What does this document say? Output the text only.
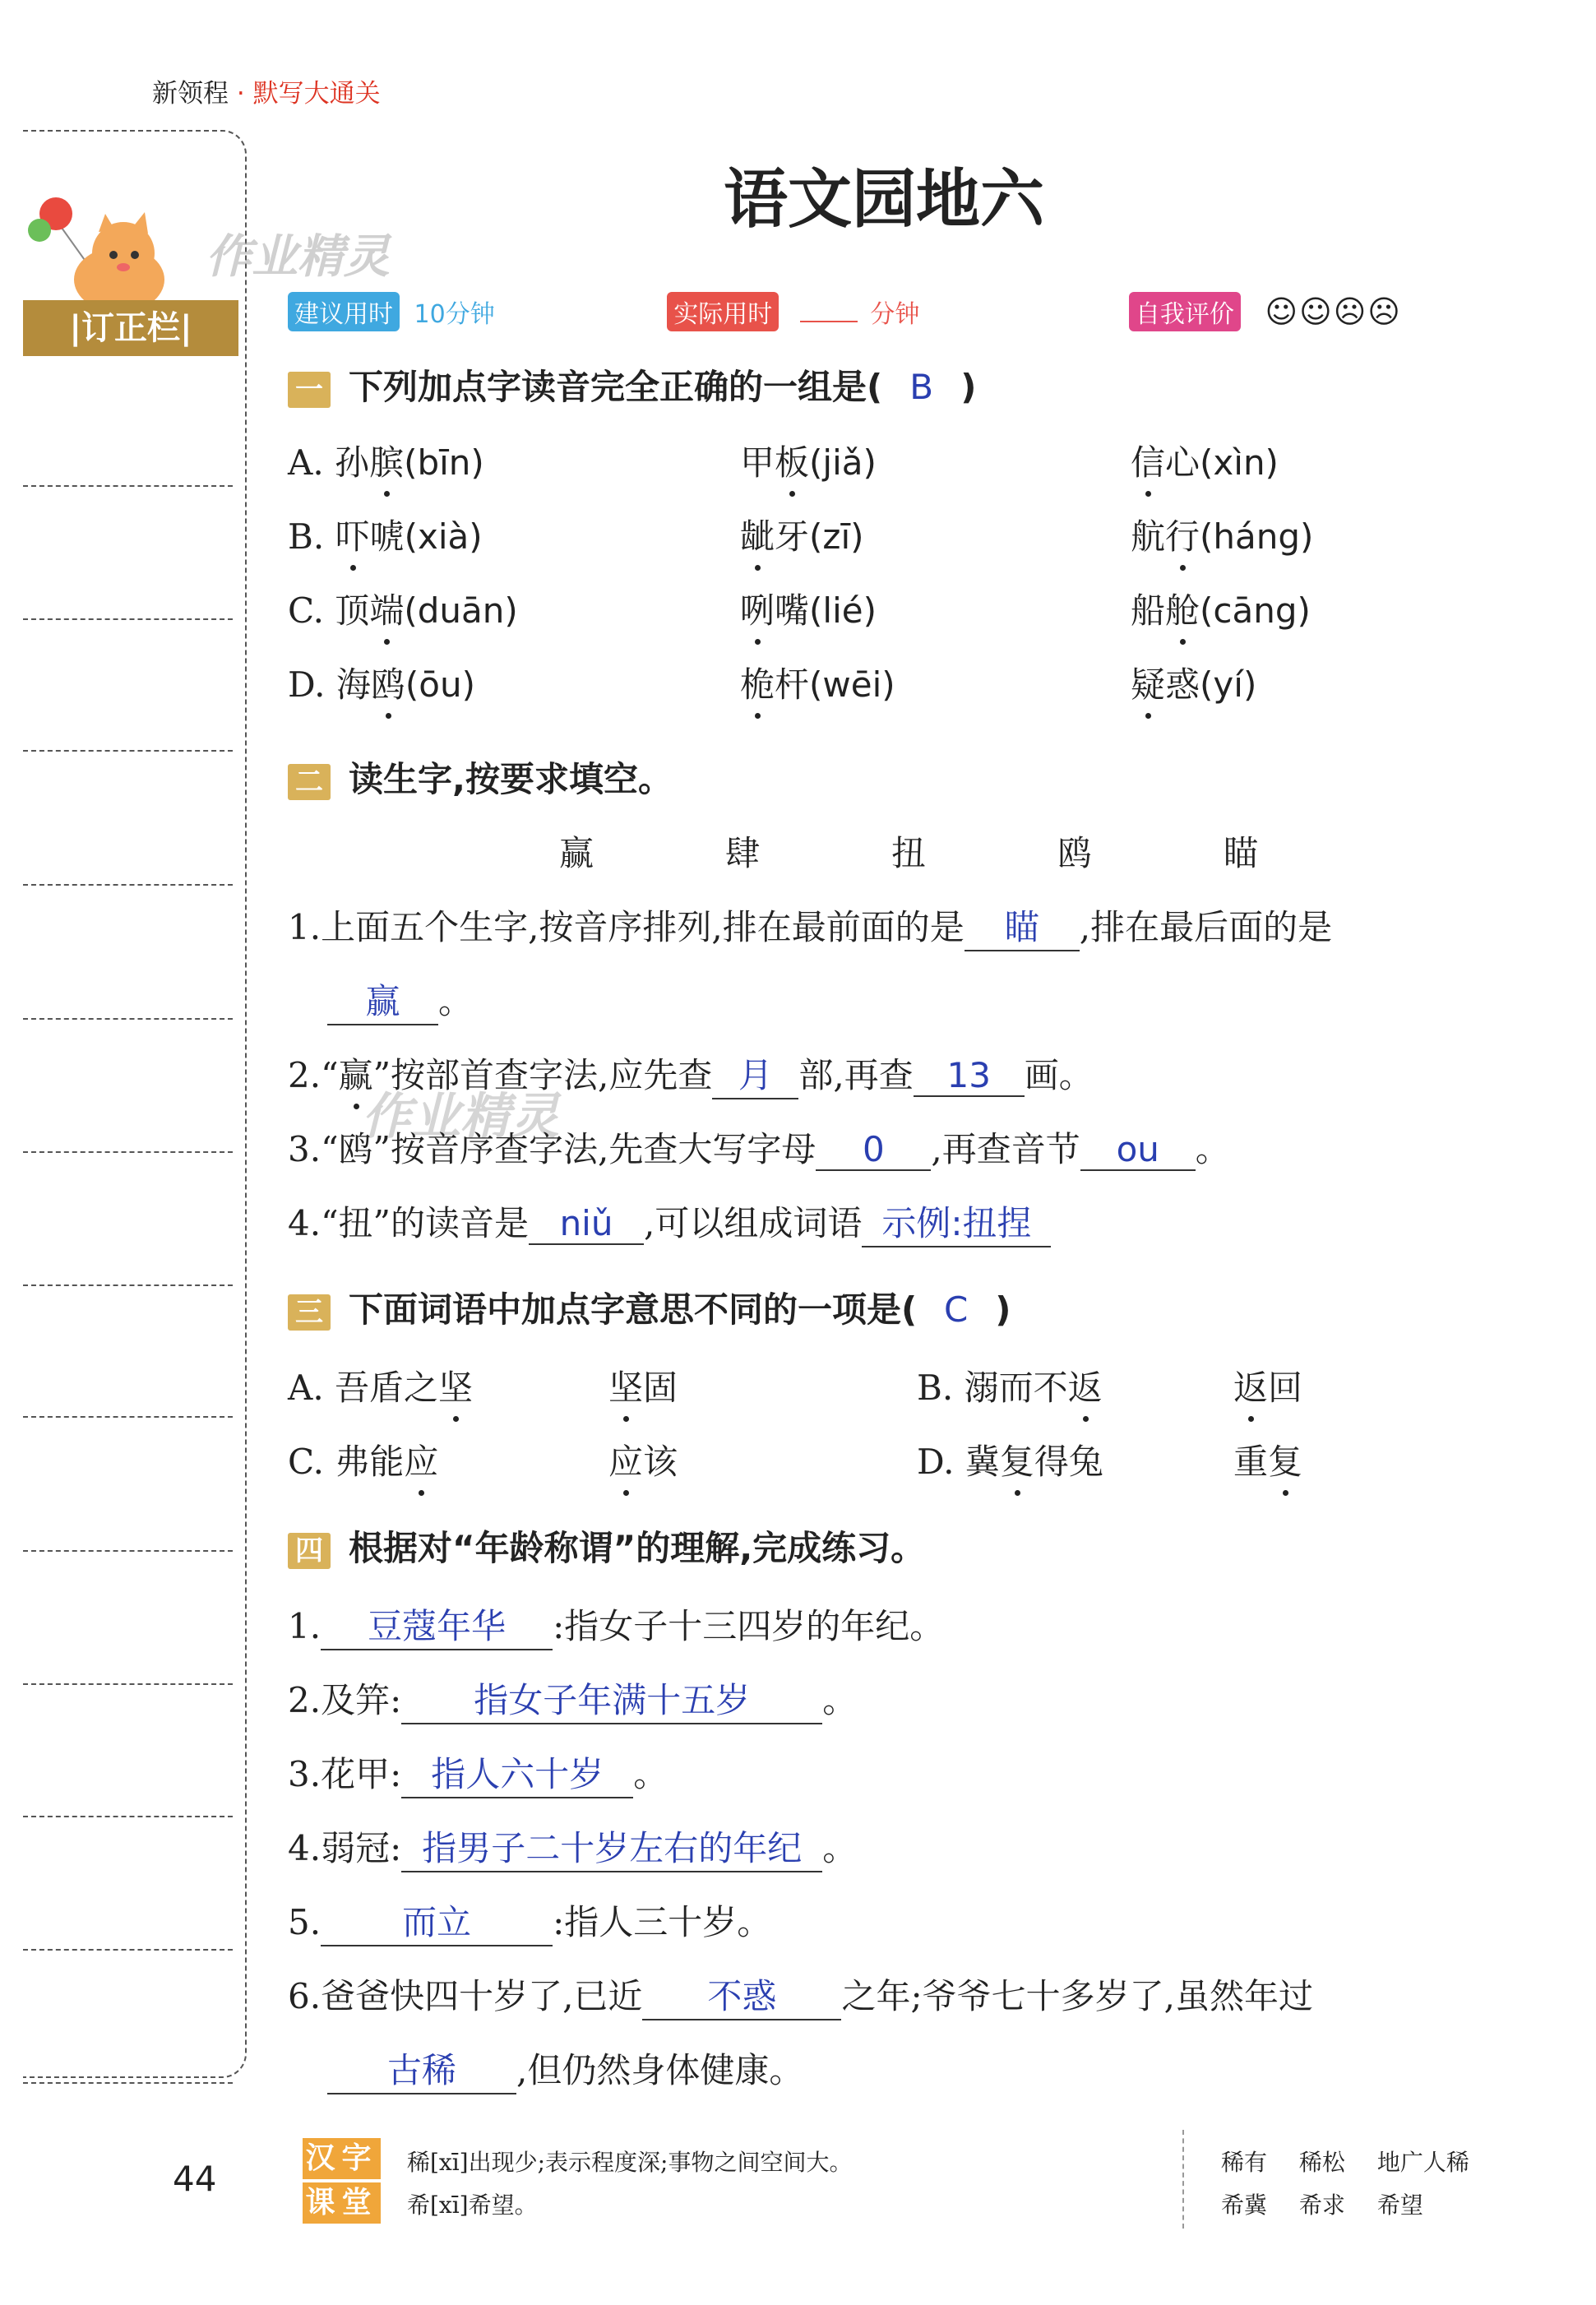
新领程 · 默写大通关
作业精灵
|订正栏|
语文园地六
建议用时 10分钟	实际用时	分钟	自我评价 ☺☺☹☹
一 下列加点字读音完全正确的一组是( B )
A. 孙膑(bīn)	甲板(jiǎ)	信心(xìn)
B. 吓唬(xià)	龇牙(zī)	航行(háng)
C. 顶端(duān)	咧嘴(lié)	船舱(cāng)
D. 海鸥(ōu)	桅杆(wēi)	疑惑(yí)
二 读生字,按要求填空。
赢	肆	扭	鸥	瞄
1.上面五个生字,按音序排列,排在最前面的是 瞄 ,排在最后面的是
赢 。
2.“赢”按部首查字法,应先查 月 部,再查 13 画。
作业精灵
3.“鸥”按音序查字法,先查大写字母 0 ,再查音节 ou 。
4.“扭”的读音是 niǔ ,可以组成词语 示例:扭捏
三 下面词语中加点字意思不同的一项是( C )
A. 吾盾之坚	坚固	B. 溺而不返	返回
C. 弗能应	应该	D. 冀复得兔	重复
四 根据对“年龄称谓”的理解,完成练习。
1. 豆蔻年华 :指女子十三四岁的年纪。
2.及笄: 指女子年满十五岁 。
3.花甲: 指人六十岁 。
4.弱冠: 指男子二十岁左右的年纪 。
5. 而立 :指人三十岁。
6.爸爸快四十岁了,已近 不惑 之年;爷爷七十多岁了,虽然年过
古稀 ,但仍然身体健康。
44
汉字
课堂
稀[xī]出现少;表示程度深;事物之间空间大。
希[xī]希望。
稀有 稀松 地广人稀
希冀 希求 希望
